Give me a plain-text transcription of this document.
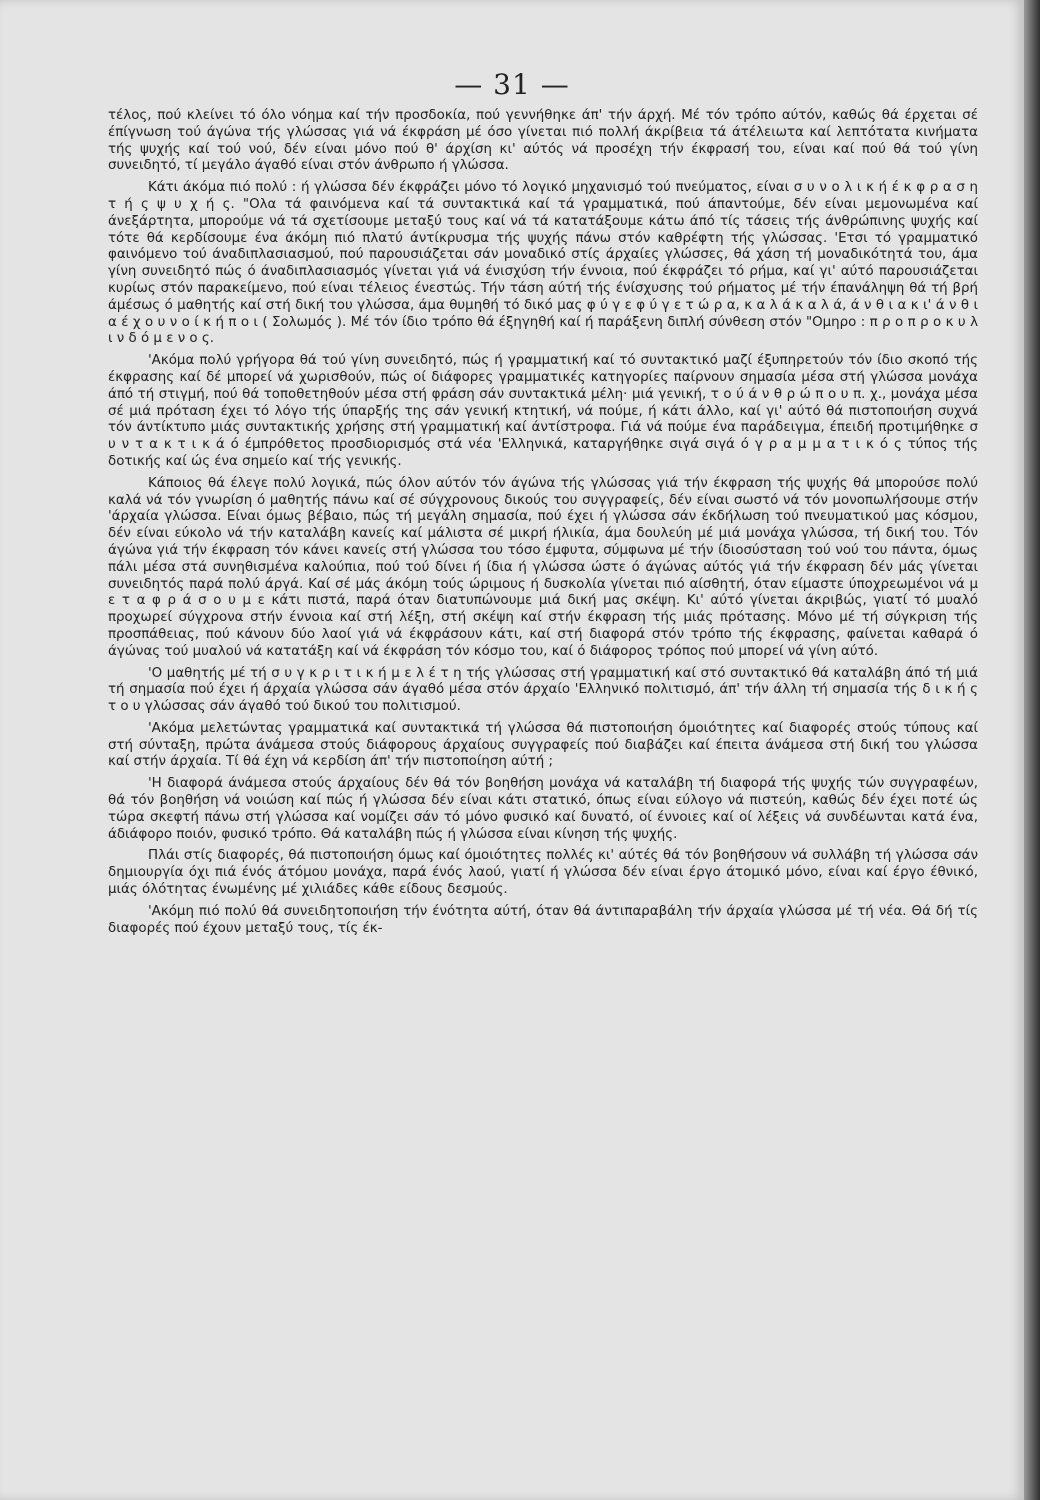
— 31 —

τέλος, πού κλείνει τό όλο νόημα καί τήν προσδοκία, πού γεννήθηκε άπ' τήν άρχή. Μέ τόν τρόπο αύτόν, καθώς θά έρχεται σέ έπίγνωση τού άγώνα τής γλώσσας γιά νά έκφράση μέ όσο γίνεται πιό πολλή άκρίβεια τά άτέλειωτα καί λεπτότατα κινήματα τής ψυχής καί τού νού, δέν είναι μόνο πού θ' άρχίση κι' αύτός νά προσέχη τήν έκφρασή του, είναι καί πού θά τού γίνη συνειδητό, τί μεγάλο άγαθό είναι στόν άνθρωπο ή γλώσσα.

Κάτι άκόμα πιό πολύ : ή γλώσσα δέν έκφράζει μόνο τό λογικό μηχανισμό τού πνεύματος, είναι σ υ ν ο λ ι κ ή έ κ φ ρ α σ η τ ή ς ψ υ χ ή ς. "Ολα τά φαινόμενα καί τά συντακτικά καί τά γραμματικά, πού άπαντούμε, δέν είναι μεμονωμένα καί άνεξάρτητα, μπορούμε νά τά σχετίσουμε μεταξύ τους καί νά τά κατατάξουμε κάτω άπό τίς τάσεις τής άνθρώπινης ψυχής καί τότε θά κερδίσουμε ένα άκόμη πιό πλατύ άντίκρυσμα τής ψυχής πάνω στόν καθρέφτη τής γλώσσας. 'Ετσι τό γραμματικό φαινόμενο τού άναδιπλασιασμού, πού παρουσιάζεται σάν μοναδικό στίς άρχαίες γλώσσες, θά χάση τή μοναδικότητά του, άμα γίνη συνειδητό πώς ό άναδιπλασιασμός γίνεται γιά νά ένισχύση τήν έννοια, πού έκφράζει τό ρήμα, καί γι' αύτό παρουσιάζεται κυρίως στόν παρακείμενο, πού είναι τέλειος ένεστώς. Τήν τάση αύτή τής ένίσχυσης τού ρήματος μέ τήν έπανάληψη θά τή βρή άμέσως ό μαθητής καί στή δική του γλώσσα, άμα θυμηθή τό δικό μας φ ύ γ ε φ ύ γ ε τ ώ ρ α, κ α λ ά κ α λ ά, ά ν θ ι α κ ι' ά ν θ ι α έ χ ο υ ν ο ί κ ή π ο ι ( Σολωμός ). Μέ τόν ίδιο τρόπο θά έξηγηθή καί ή παράξενη διπλή σύνθεση στόν "Ομηρο : π ρ ο π ρ ο κ υ λ ι ν δ ό μ ε ν ο ς.

'Ακόμα πολύ γρήγορα θά τού γίνη συνειδητό, πώς ή γραμματική καί τό συντακτικό μαζί έξυπηρετούν τόν ίδιο σκοπό τής έκφρασης καί δέ μπορεί νά χωρισθούν, πώς οί διάφορες γραμματικές κατηγορίες παίρνουν σημασία μέσα στή γλώσσα μονάχα άπό τή στιγμή, πού θά τοποθετηθούν μέσα στή φράση σάν συντακτικά μέλη· μιά γενική, τ ο ύ ά ν θ ρ ώ π ο υ π. χ., μονάχα μέσα σέ μιά πρόταση έχει τό λόγο τής ύπαρξής της σάν γενική κτητική, νά πούμε, ή κάτι άλλο, καί γι' αύτό θά πιστοποιήση συχνά τόν άντίκτυπο μιάς συντακτικής χρήσης στή γραμματική καί άντίστροφα. Γιά νά πούμε ένα παράδειγμα, έπειδή προτιμήθηκε σ υ ν τ α κ τ ι κ ά ό έμπρόθετος προσδιορισμός στά νέα 'Ελληνικά, καταργήθηκε σιγά σιγά ό γ ρ α μ μ α τ ι κ ό ς τύπος τής δοτικής καί ώς ένα σημείο καί τής γενικής.

Κάποιος θά έλεγε πολύ λογικά, πώς όλον αύτόν τόν άγώνα τής γλώσσας γιά τήν έκφραση τής ψυχής θά μπορούσε πολύ καλά νά τόν γνωρίση ό μαθητής πάνω καί σέ σύγχρονους δικούς του συγγραφείς, δέν είναι σωστό νά τόν μονοπωλήσουμε στήν 'άρχαία γλώσσα. Είναι όμως βέβαιο, πώς τή μεγάλη σημασία, πού έχει ή γλώσσα σάν έκδήλωση τού πνευματικού μας κόσμου, δέν είναι εύκολο νά τήν καταλάβη κανείς καί μάλιστα σέ μικρή ήλικία, άμα δουλεύη μέ μιά μονάχα γλώσσα, τή δική του. Τόν άγώνα γιά τήν έκφραση τόν κάνει κανείς στή γλώσσα του τόσο έμφυτα, σύμφωνα μέ τήν ίδιοσύσταση τού νού του πάντα, όμως πάλι μέσα στά συνηθισμένα καλούπια, πού τού δίνει ή ίδια ή γλώσσα ώστε ό άγώνας αύτός γιά τήν έκφραση δέν μάς γίνεται συνειδητός παρά πολύ άργά. Καί σέ μάς άκόμη τούς ώριμους ή δυσκολία γίνεται πιό αίσθητή, όταν είμαστε ύποχρεωμένοι νά μ ε τ α φ ρ ά σ ο υ μ ε κάτι πιστά, παρά όταν διατυπώνουμε μιά δική μας σκέψη. Κι' αύτό γίνεται άκριβώς, γιατί τό μυαλό προχωρεί σύγχρονα στήν έννοια καί στή λέξη, στή σκέψη καί στήν έκφραση τής μιάς πρότασης. Μόνο μέ τή σύγκριση τής προσπάθειας, πού κάνουν δύο λαοί γιά νά έκφράσουν κάτι, καί στή διαφορά στόν τρόπο τής έκφρασης, φαίνεται καθαρά ό άγώνας τού μυαλού νά κατατάξη καί νά έκφράση τόν κόσμο του, καί ό διάφορος τρόπος πού μπορεί νά γίνη αύτό.

'Ο μαθητής μέ τή σ υ γ κ ρ ι τ ι κ ή μ ε λ έ τ η τής γλώσσας στή γραμματική καί στό συντακτικό θά καταλάβη άπό τή μιά τή σημασία πού έχει ή άρχαία γλώσσα σάν άγαθό μέσα στόν άρχαίο 'Ελληνικό πολιτισμό, άπ' τήν άλλη τή σημασία τής δ ι κ ή ς τ ο υ γλώσσας σάν άγαθό τού δικού του πολιτισμού.

'Ακόμα μελετώντας γραμματικά καί συντακτικά τή γλώσσα θά πιστοποιήση όμοιότητες καί διαφορές στούς τύπους καί στή σύνταξη, πρώτα άνάμεσα στούς διάφορους άρχαίους συγγραφείς πού διαβάζει καί έπειτα άνάμεσα στή δική του γλώσσα καί στήν άρχαία. Τί θά έχη νά κερδίση άπ' τήν πιστοποίηση αύτή ;

'Η διαφορά άνάμεσα στούς άρχαίους δέν θά τόν βοηθήση μονάχα νά καταλάβη τή διαφορά τής ψυχής τών συγγραφέων, θά τόν βοηθήση νά νοιώση καί πώς ή γλώσσα δέν είναι κάτι στατικό, όπως είναι εύλογο νά πιστεύη, καθώς δέν έχει ποτέ ώς τώρα σκεφτή πάνω στή γλώσσα καί νομίζει σάν τό μόνο φυσικό καί δυνατό, οί έννοιες καί οί λέξεις νά συνδέωνται κατά ένα, άδιάφορο ποιόν, φυσικό τρόπο. Θά καταλάβη πώς ή γλώσσα είναι κίνηση τής ψυχής.

Πλάι στίς διαφορές, θά πιστοποιήση όμως καί όμοιότητες πολλές κι' αύτές θά τόν βοηθήσουν νά συλλάβη τή γλώσσα σάν δημιουργία όχι πιά ένός άτόμου μονάχα, παρά ένός λαού, γιατί ή γλώσσα δέν είναι έργο άτομικό μόνο, είναι καί έργο έθνικό, μιάς όλότητας ένωμένης μέ χιλιάδες κάθε είδους δεσμούς.

'Ακόμη πιό πολύ θά συνειδητοποιήση τήν ένότητα αύτή, όταν θά άντιπαραβάλη τήν άρχαία γλώσσα μέ τή νέα. Θά δή τίς διαφορές πού έχουν μεταξύ τους, τίς έκ-
